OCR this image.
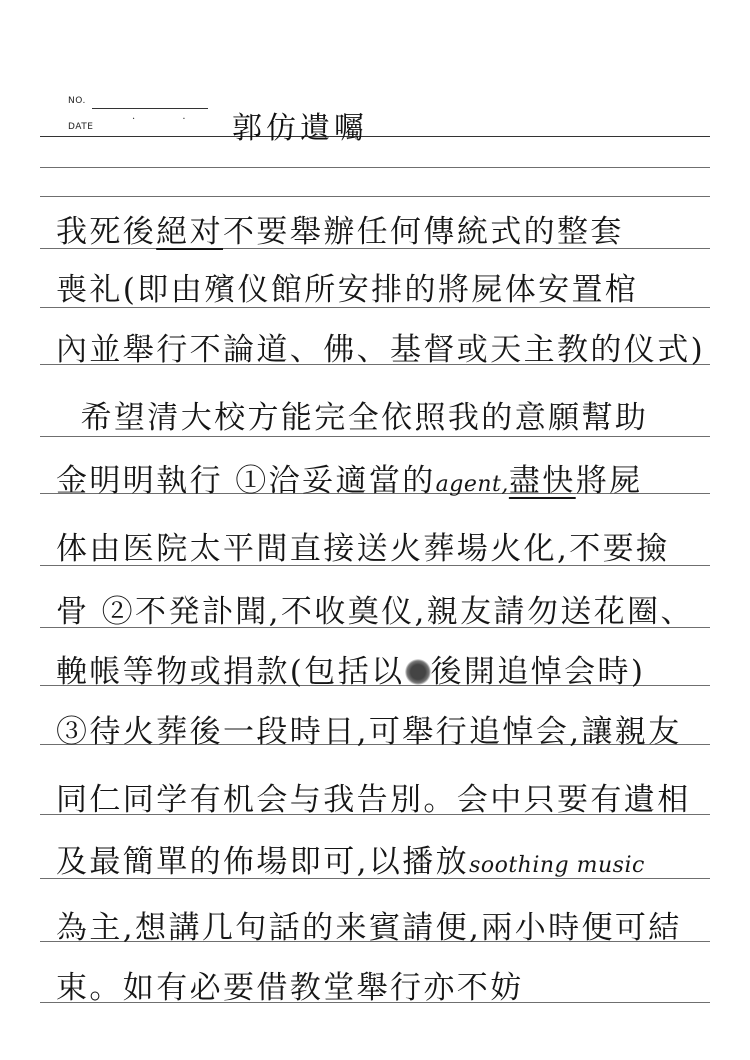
NO.
DATE
· · 郭仿遺囑
我死後絕对不要舉辦任何傳統式的整套
喪礼(即由殯仪館所安排的將屍体安置棺
內並舉行不論道、佛、基督或天主教的仪式)
希望清大校方能完全依照我的意願幫助
金明明執行 ①洽妥適當的agent,盡快將屍
体由医院太平間直接送火葬場火化,不要撿
骨 ②不発訃聞,不收奠仪,親友請勿送花圈、
輓帳等物或捐款(包括以 後開追悼会時)
③待火葬後一段時日,可舉行追悼会,讓親友
同仁同学有机会与我告別。会中只要有遺相
及最簡單的佈場即可,以播放soothing music
為主,想講几句話的来賓請便,兩小時便可結
束。如有必要借教堂舉行亦不妨
